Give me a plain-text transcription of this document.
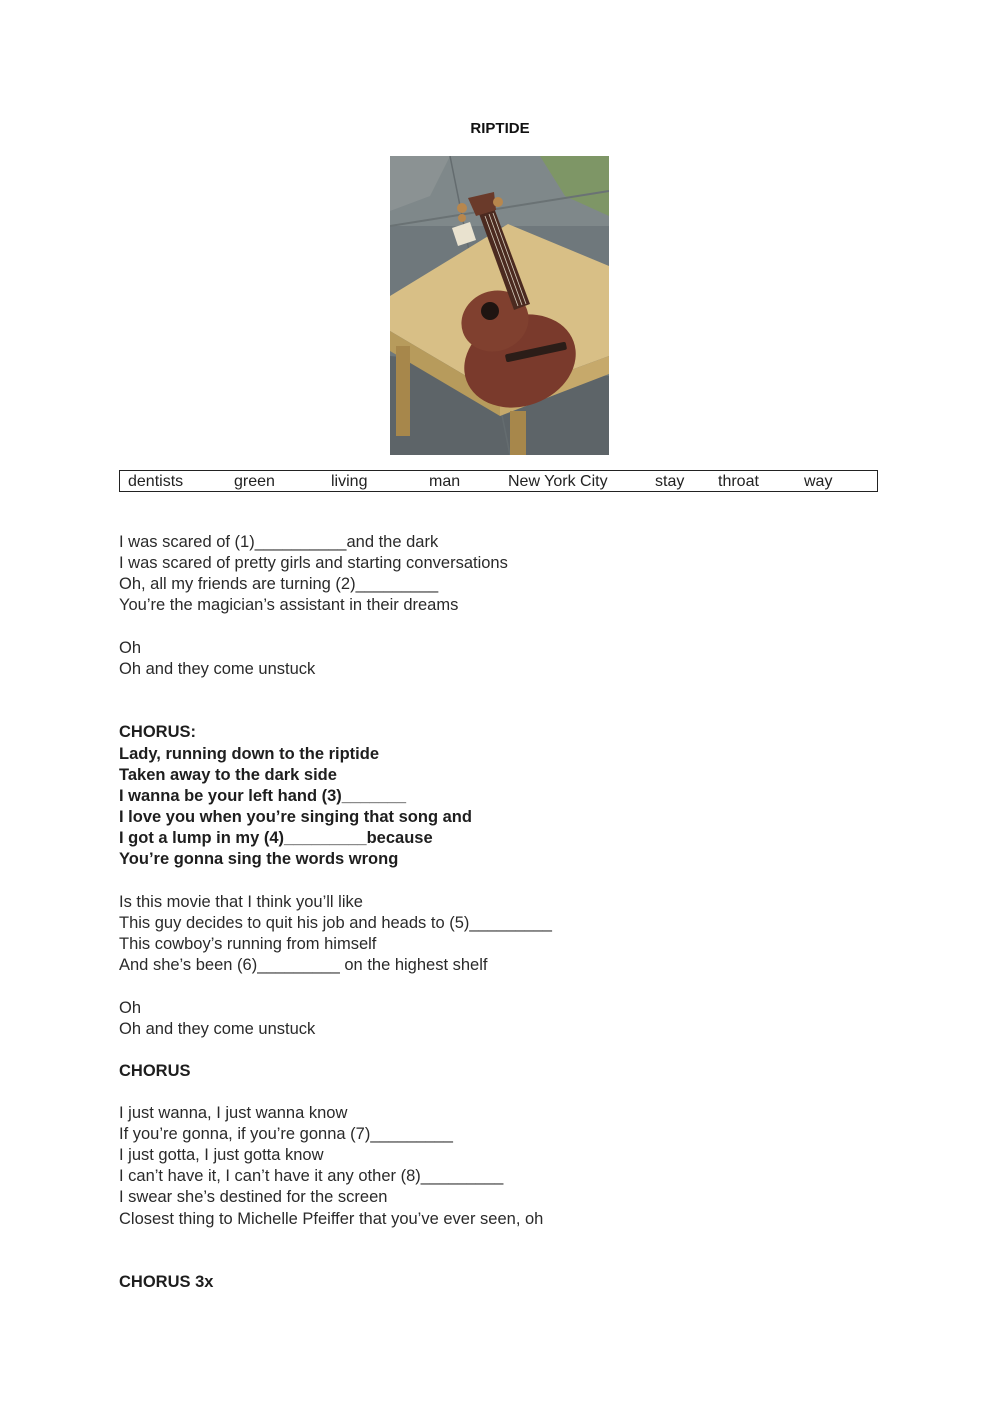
RIPTIDE
dentists	green	living	man	New York City	stay throat	way
I was scared of (1)__________and the dark
I was scared of pretty girls and starting conversations
Oh, all my friends are turning (2)_________
You’re the magician’s assistant in their dreams
Oh
Oh and they come unstuck
CHORUS:
Lady, running down to the riptide
Taken away to the dark side
I wanna be your left hand (3)_______
I love you when you’re singing that song and
I got a lump in my (4)_________because
You’re gonna sing the words wrong
Is this movie that I think you’ll like
This guy decides to quit his job and heads to (5)_________
This cowboy’s running from himself
And she’s been (6)_________ on the highest shelf
Oh
Oh and they come unstuck
CHORUS
I just wanna, I just wanna know
If you’re gonna, if you’re gonna (7)_________
I just gotta, I just gotta know
I can’t have it, I can’t have it any other (8)_________
I swear she’s destined for the screen
Closest thing to Michelle Pfeiffer that you’ve ever seen, oh
CHORUS 3x
